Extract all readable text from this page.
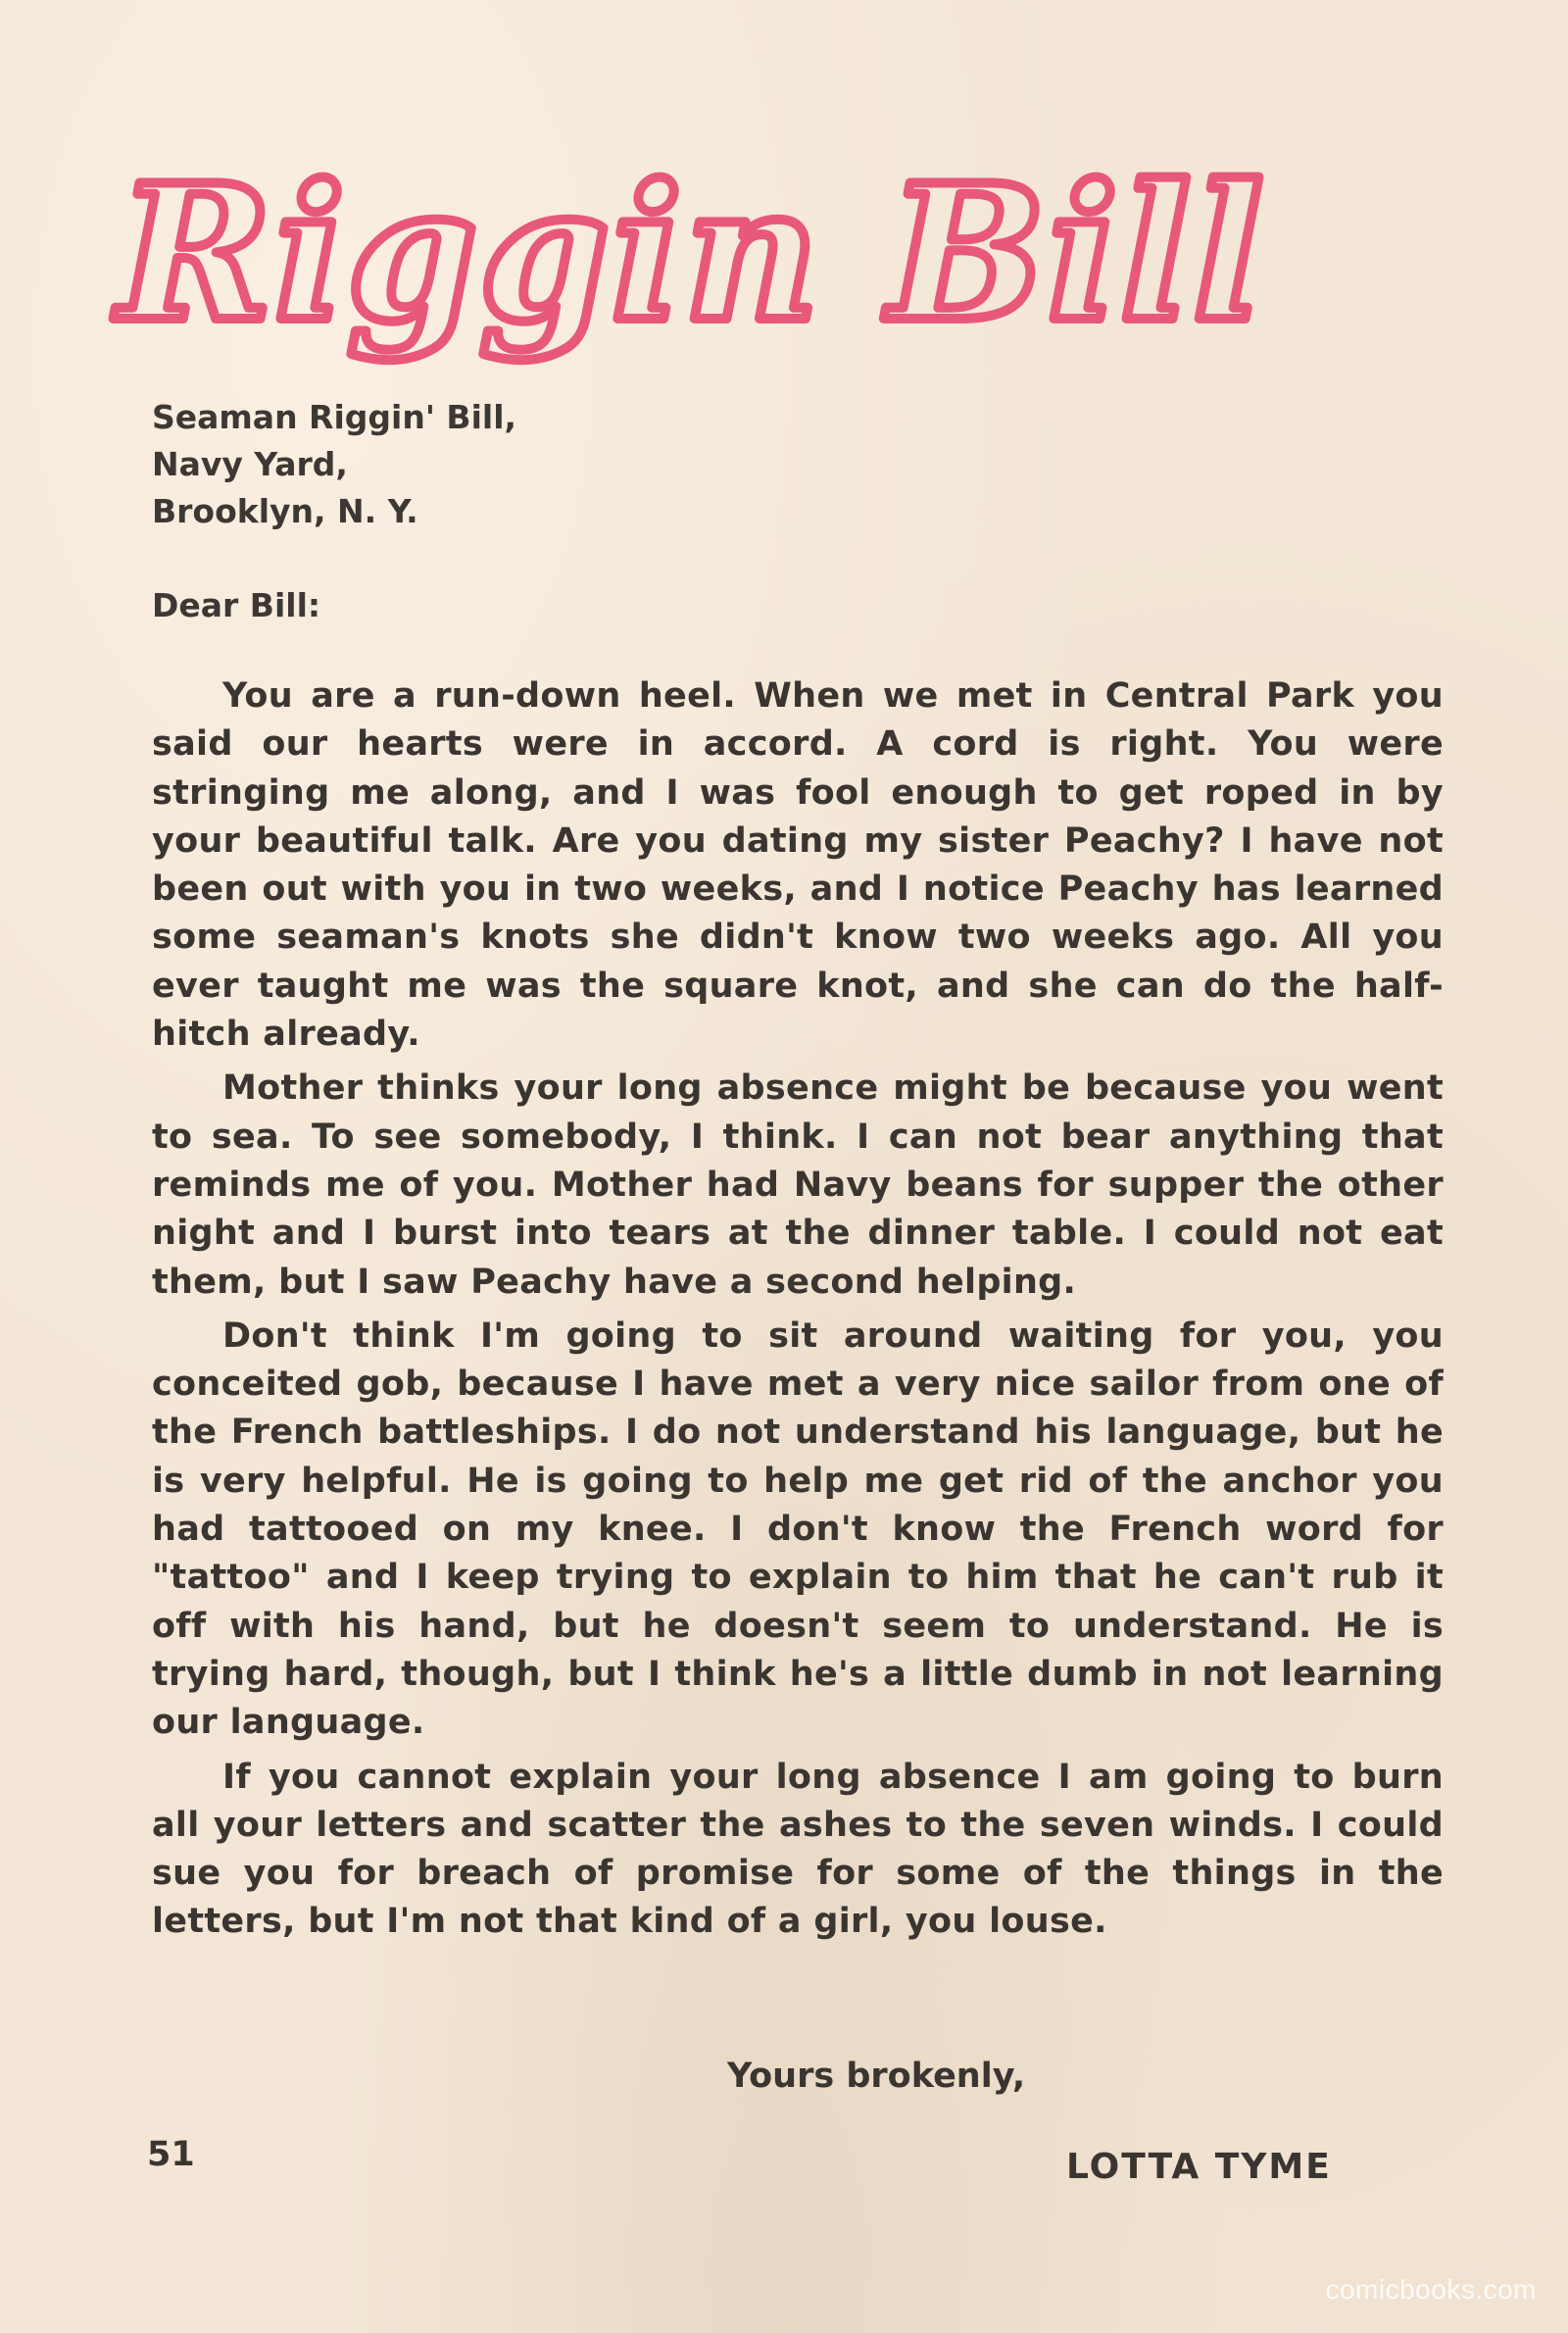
Riggin Bill
Seaman Riggin' Bill,
Navy Yard,
Brooklyn, N. Y.
Dear Bill:

You are a run-down heel. When we met in Central Park you said our hearts were in accord. A cord is right. You were stringing me along, and I was fool enough to get roped in by your beautiful talk. Are you dating my sister Peachy? I have not been out with you in two weeks, and I notice Peachy has learned some seaman's knots she didn't know two weeks ago. All you ever taught me was the square knot, and she can do the half-hitch already.

Mother thinks your long absence might be because you went to sea. To see somebody, I think. I can not bear anything that reminds me of you. Mother had Navy beans for supper the other night and I burst into tears at the dinner table. I could not eat them, but I saw Peachy have a second helping.

Don't think I'm going to sit around waiting for you, you conceited gob, because I have met a very nice sailor from one of the French battleships. I do not understand his language, but he is very helpful. He is going to help me get rid of the anchor you had tattooed on my knee. I don't know the French word for "tattoo" and I keep trying to explain to him that he can't rub it off with his hand, but he doesn't seem to understand. He is trying hard, though, but I think he's a little dumb in not learning our language.

If you cannot explain your long absence I am going to burn all your letters and scatter the ashes to the seven winds. I could sue you for breach of promise for some of the things in the letters, but I'm not that kind of a girl, you louse.

Yours brokenly,
51	LOTTA TYME
comicbooks.com
